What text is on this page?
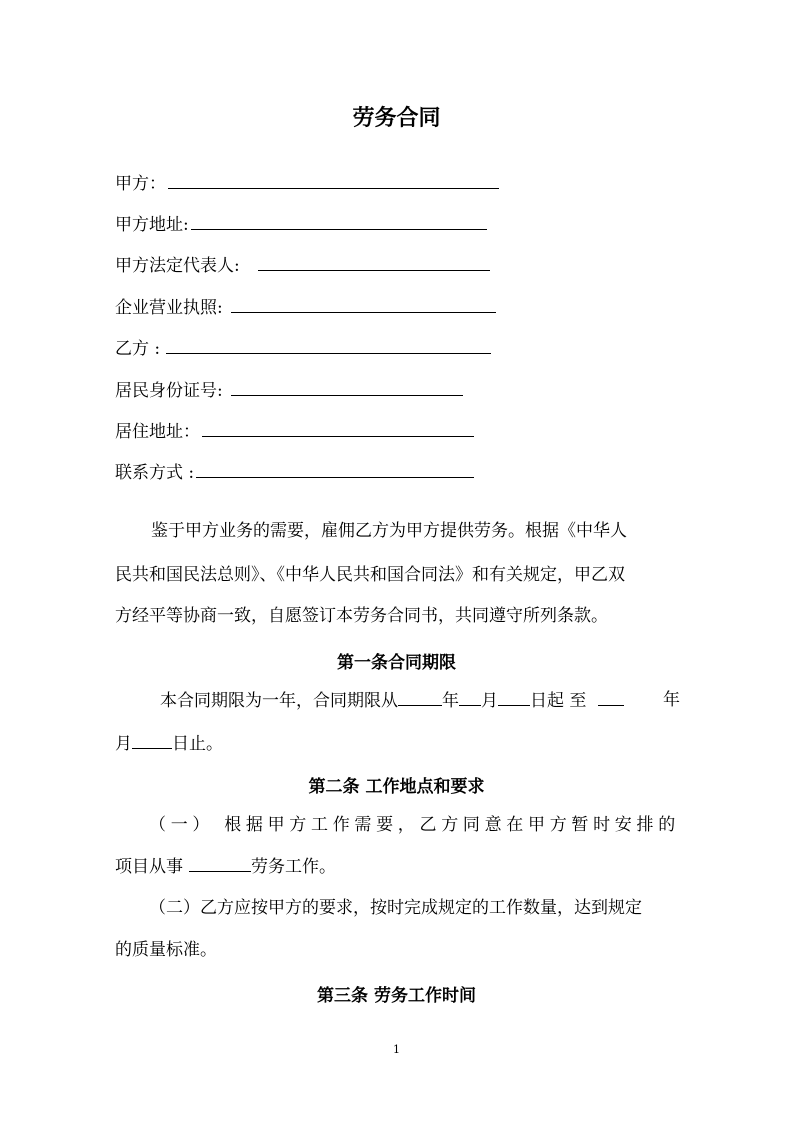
劳务合同
甲方：
甲方地址:
甲方法定代表人:
企业营业执照:
乙方 :
居民身份证号:
居住地址：
联系方式 :
鉴于甲方业务的需要，雇佣乙方为甲方提供劳务。根据《中华人
民共和国民法总则》、《中华人民共和国合同法》和有关规定，甲乙双
方经平等协商一致，自愿签订本劳务合同书，共同遵守所列条款。
第一条合同期限
本合同期限为一年，合同期限从	年 月 日起 至	年
月 日止。
第二条 工作地点和要求
（一） 根据甲方工作需要，乙方同意在甲方暂时安排的
项目从事	劳务工作。
（二）乙方应按甲方的要求，按时完成规定的工作数量，达到规定
的质量标准。
第三条 劳务工作时间
1
